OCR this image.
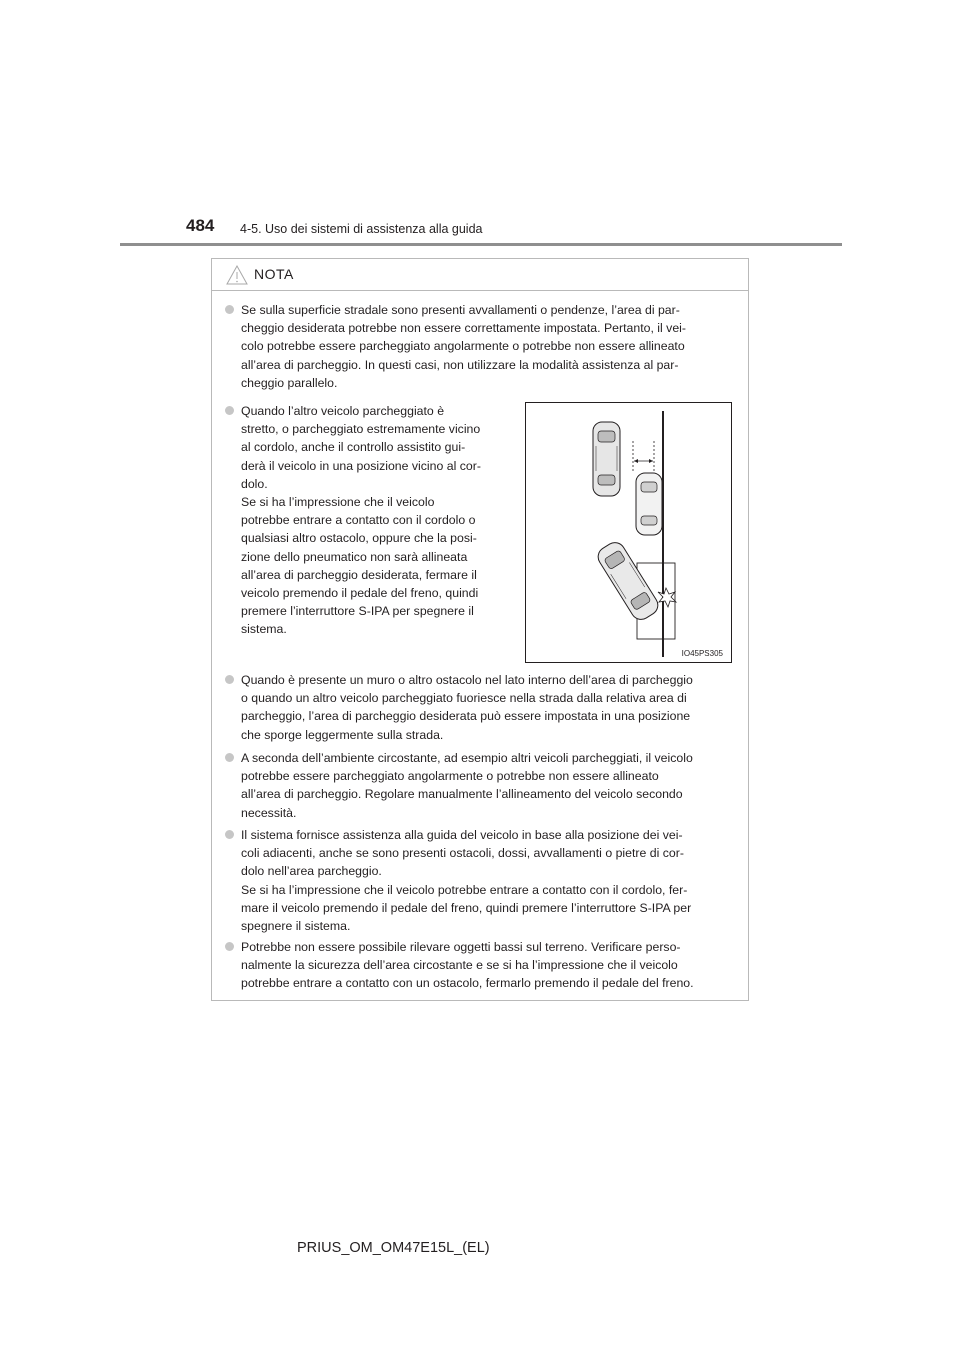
484 4-5. Uso dei sistemi di assistenza alla guida
NOTA
Se sulla superficie stradale sono presenti avvallamenti o pendenze, l’area di par-
cheggio desiderata potrebbe non essere correttamente impostata. Pertanto, il vei-
colo potrebbe essere parcheggiato angolarmente o potrebbe non essere allineato
all’area di parcheggio. In questi casi, non utilizzare la modalità assistenza al par-
cheggio parallelo.
Quando l’altro veicolo parcheggiato è
stretto, o parcheggiato estremamente vicino
al cordolo, anche il controllo assistito gui-
derà il veicolo in una posizione vicino al cor-
dolo.
Se si ha l’impressione che il veicolo
potrebbe entrare a contatto con il cordolo o
qualsiasi altro ostacolo, oppure che la posi-
zione dello pneumatico non sarà allineata
all’area di parcheggio desiderata, fermare il
veicolo premendo il pedale del freno, quindi
premere l’interruttore S-IPA per spegnere il
sistema.
IO45PS305
Quando è presente un muro o altro ostacolo nel lato interno dell’area di parcheggio
o quando un altro veicolo parcheggiato fuoriesce nella strada dalla relativa area di
parcheggio, l’area di parcheggio desiderata può essere impostata in una posizione
che sporge leggermente sulla strada.
A seconda dell’ambiente circostante, ad esempio altri veicoli parcheggiati, il veicolo
potrebbe essere parcheggiato angolarmente o potrebbe non essere allineato
all’area di parcheggio. Regolare manualmente l’allineamento del veicolo secondo
necessità.
Il sistema fornisce assistenza alla guida del veicolo in base alla posizione dei vei-
coli adiacenti, anche se sono presenti ostacoli, dossi, avvallamenti o pietre di cor-
dolo nell’area parcheggio.
Se si ha l’impressione che il veicolo potrebbe entrare a contatto con il cordolo, fer-
mare il veicolo premendo il pedale del freno, quindi premere l’interruttore S-IPA per
spegnere il sistema.
Potrebbe non essere possibile rilevare oggetti bassi sul terreno. Verificare perso-
nalmente la sicurezza dell’area circostante e se si ha l’impressione che il veicolo
potrebbe entrare a contatto con un ostacolo, fermarlo premendo il pedale del freno.
PRIUS_OM_OM47E15L_(EL)
